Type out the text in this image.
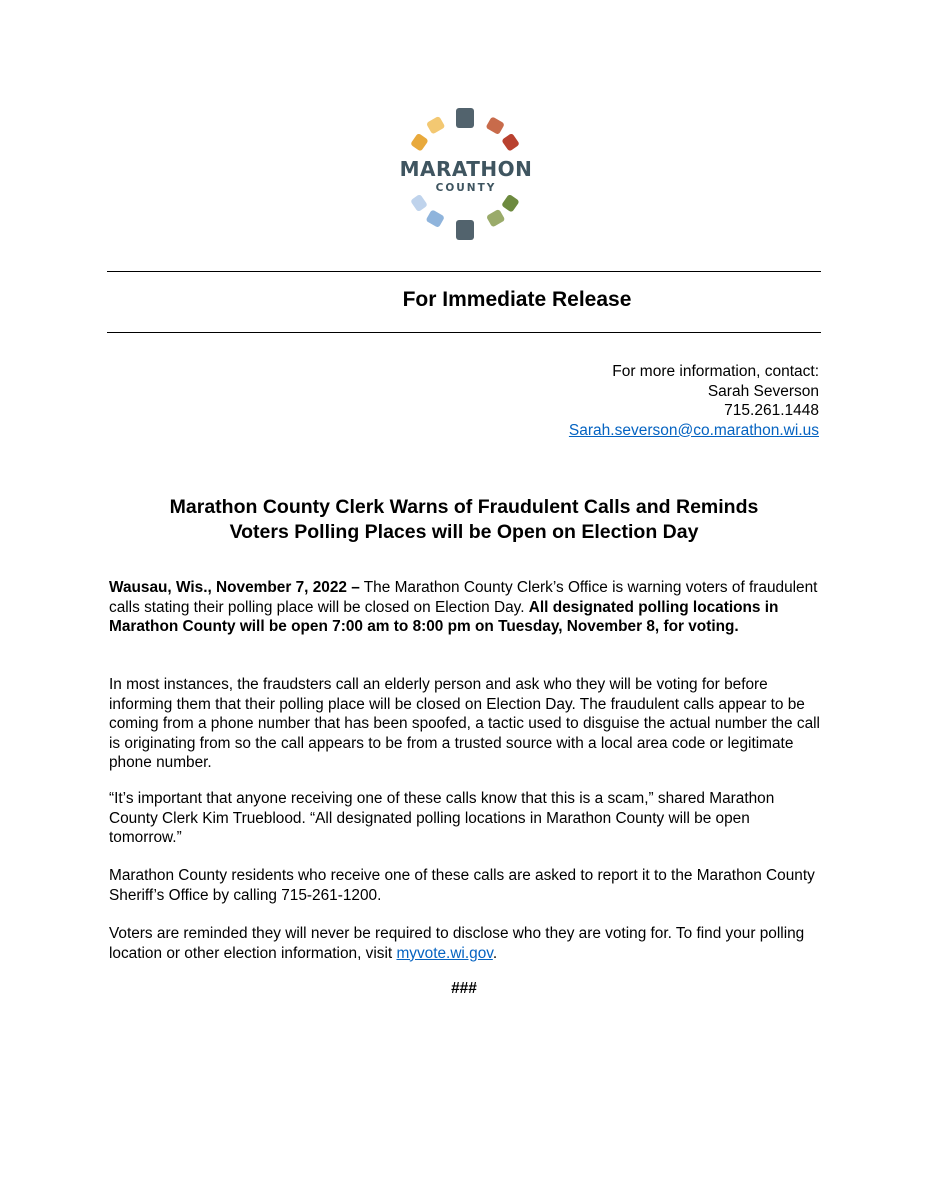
MARATHON
COUNTY
For Immediate Release
For more information, contact:
Sarah Severson
715.261.1448
Sarah.severson@co.marathon.wi.us
Marathon County Clerk Warns of Fraudulent Calls and Reminds
Voters Polling Places will be Open on Election Day

Wausau, Wis., November 7, 2022 – The Marathon County Clerk’s Office is warning voters of fraudulent calls stating their polling place will be closed on Election Day. All designated polling locations in Marathon County will be open 7:00 am to 8:00 pm on Tuesday, November 8, for voting.

In most instances, the fraudsters call an elderly person and ask who they will be voting for before informing them that their polling place will be closed on Election Day. The fraudulent calls appear to be coming from a phone number that has been spoofed, a tactic used to disguise the actual number the call is originating from so the call appears to be from a trusted source with a local area code or legitimate phone number.

“It’s important that anyone receiving one of these calls know that this is a scam,” shared Marathon County Clerk Kim Trueblood. “All designated polling locations in Marathon County will be open tomorrow.”

Marathon County residents who receive one of these calls are asked to report it to the Marathon County Sheriff’s Office by calling 715-261-1200.

Voters are reminded they will never be required to disclose who they are voting for. To find your polling location or other election information, visit myvote.wi.gov.

###
